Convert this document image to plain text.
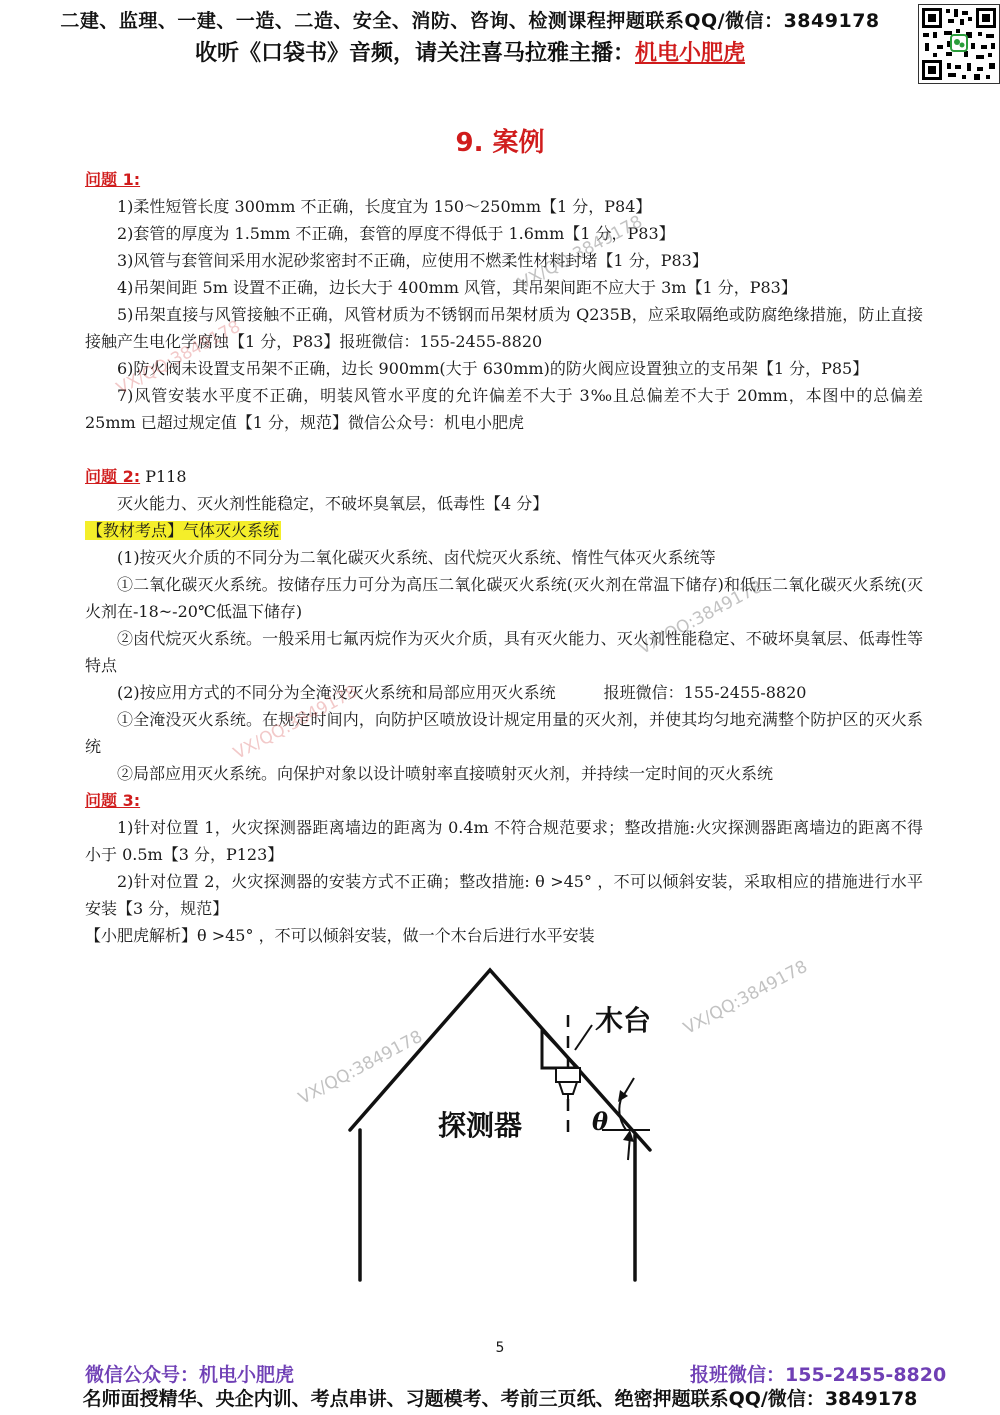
二建、监理、一建、一造、二造、安全、消防、咨询、检测课程押题联系QQ/微信：3849178
收听《口袋书》音频，请关注喜马拉雅主播：机电小肥虎
9. 案例

问题 1:

1)柔性短管长度 300mm 不正确，长度宜为 150～250mm【1 分，P84】

2)套管的厚度为 1.5mm 不正确，套管的厚度不得低于 1.6mm【1 分，P83】

3)风管与套管间采用水泥砂浆密封不正确，应使用不燃柔性材料封堵【1 分，P83】

4)吊架间距 5m 设置不正确，边长大于 400mm 风管，其吊架间距不应大于 3m【1 分，P83】

5)吊架直接与风管接触不正确，风管材质为不锈钢而吊架材质为 Q235B，应采取隔绝或防腐绝缘措施，防止直接接触产生电化学腐蚀【1 分，P83】报班微信：155-2455-8820

6)防火阀未设置支吊架不正确，边长 900mm(大于 630mm)的防火阀应设置独立的支吊架【1 分，P85】

7)风管安装水平度不正确，明装风管水平度的允许偏差不大于 3‰且总偏差不大于 20mm，本图中的总偏差 25mm 已超过规定值【1 分，规范】微信公众号：机电小肥虎

问题 2: P118

灭火能力、灭火剂性能稳定，不破坏臭氧层，低毒性【4 分】

【教材考点】气体灭火系统

(1)按灭火介质的不同分为二氧化碳灭火系统、卤代烷灭火系统、惰性气体灭火系统等

①二氧化碳灭火系统。按储存压力可分为高压二氧化碳灭火系统(灭火剂在常温下储存)和低压二氧化碳灭火系统(灭火剂在-18~-20℃低温下储存)

②卤代烷灭火系统。一般采用七氟丙烷作为灭火介质，具有灭火能力、灭火剂性能稳定、不破坏臭氧层、低毒性等特点

(2)按应用方式的不同分为全淹没灭火系统和局部应用灭火系统　　　报班微信：155-2455-8820

①全淹没灭火系统。在规定时间内，向防护区喷放设计规定用量的灭火剂，并使其均匀地充满整个防护区的灭火系统

②局部应用灭火系统。向保护对象以设计喷射率直接喷射灭火剂，并持续一定时间的灭火系统

问题 3:

1)针对位置 1，火灾探测器距离墙边的距离为 0.4m 不符合规范要求；整改措施:火灾探测器距离墙边的距离不得小于 0.5m【3 分，P123】

2)针对位置 2，火灾探测器的安装方式不正确；整改措施: θ >45° ，不可以倾斜安装，采取相应的措施进行水平安装【3 分，规范】

【小肥虎解析】θ >45° ，不可以倾斜安装，做一个木台后进行水平安装

木台
探测器	θ
VX/QQ:3849178
VX/QQ:3849178
VX/QQ:3849178
VX/QQ:3849178
VX/QQ:3849178
VX/QQ:3849178
5
微信公众号：机电小肥虎	报班微信：155-2455-8820
名师面授精华、央企内训、考点串讲、习题模考、考前三页纸、绝密押题联系QQ/微信：3849178
